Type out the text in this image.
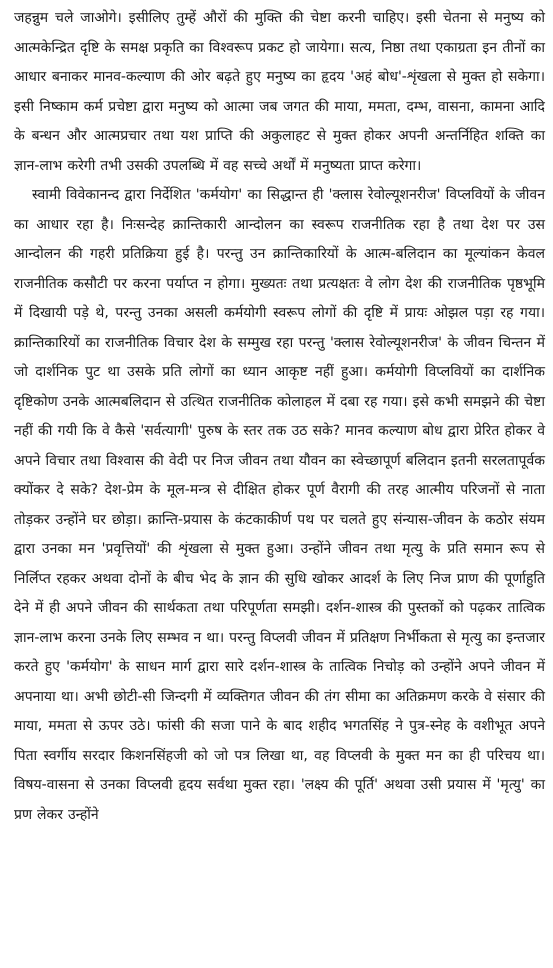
जहन्नुम चले जाओगे। इसीलिए तुम्हें औरों की मुक्ति की चेष्टा करनी चाहिए। इसी चेतना से मनुष्य को आत्मकेन्द्रित दृष्टि के समक्ष प्रकृति का विश्वरूप प्रकट हो जायेगा। सत्य, निष्ठा तथा एकाग्रता इन तीनों का आधार बनाकर मानव-कल्याण की ओर बढ़ते हुए मनुष्य का हृदय 'अहं बोध'-शृंखला से मुक्त हो सकेगा। इसी निष्काम कर्म प्रचेष्टा द्वारा मनुष्य को आत्मा जब जगत की माया, ममता, दम्भ, वासना, कामना आदि के बन्धन और आत्मप्रचार तथा यश प्राप्ति की अकुलाहट से मुक्त होकर अपनी अन्तर्निहित शक्ति का ज्ञान-लाभ करेगी तभी उसकी उपलब्धि में वह सच्चे अर्थों में मनुष्यता प्राप्त करेगा।

स्वामी विवेकानन्द द्वारा निर्देशित 'कर्मयोग' का सिद्धान्त ही 'क्लास रेवोल्यूशनरीज' विप्लवियों के जीवन का आधार रहा है। निःसन्देह क्रान्तिकारी आन्दोलन का स्वरूप राजनीतिक रहा है तथा देश पर उस आन्दोलन की गहरी प्रतिक्रिया हुई है। परन्तु उन क्रान्तिकारियों के आत्म-बलिदान का मूल्यांकन केवल राजनीतिक कसौटी पर करना पर्याप्त न होगा। मुख्यतः तथा प्रत्यक्षतः वे लोग देश की राजनीतिक पृष्ठभूमि में दिखायी पड़े थे, परन्तु उनका असली कर्मयोगी स्वरूप लोगों की दृष्टि में प्रायः ओझल पड़ा रह गया। क्रान्तिकारियों का राजनीतिक विचार देश के सम्मुख रहा परन्तु 'क्लास रेवोल्यूशनरीज' के जीवन चिन्तन में जो दार्शनिक पुट था उसके प्रति लोगों का ध्यान आकृष्ट नहीं हुआ। कर्मयोगी विप्लवियों का दार्शनिक दृष्टिकोण उनके आत्मबलिदान से उत्थित राजनीतिक कोलाहल में दबा रह गया। इसे कभी समझने की चेष्टा नहीं की गयी कि वे कैसे 'सर्वत्यागी' पुरुष के स्तर तक उठ सके? मानव कल्याण बोध द्वारा प्रेरित होकर वे अपने विचार तथा विश्वास की वेदी पर निज जीवन तथा यौवन का स्वेच्छापूर्ण बलिदान इतनी सरलतापूर्वक क्योंकर दे सके? देश-प्रेम के मूल-मन्त्र से दीक्षित होकर पूर्ण वैरागी की तरह आत्मीय परिजनों से नाता तोड़कर उन्होंने घर छोड़ा। क्रान्ति-प्रयास के कंटकाकीर्ण पथ पर चलते हुए संन्यास-जीवन के कठोर संयम द्वारा उनका मन 'प्रवृत्तियों' की शृंखला से मुक्त हुआ। उन्होंने जीवन तथा मृत्यु के प्रति समान रूप से निर्लिप्त रहकर अथवा दोनों के बीच भेद के ज्ञान की सुधि खोकर आदर्श के लिए निज प्राण की पूर्णाहुति देने में ही अपने जीवन की सार्थकता तथा परिपूर्णता समझी। दर्शन-शास्त्र की पुस्तकों को पढ़कर तात्विक ज्ञान-लाभ करना उनके लिए सम्भव न था। परन्तु विप्लवी जीवन में प्रतिक्षण निर्भीकता से मृत्यु का इन्तजार करते हुए 'कर्मयोग' के साधन मार्ग द्वारा सारे दर्शन-शास्त्र के तात्विक निचोड़ को उन्होंने अपने जीवन में अपनाया था। अभी छोटी-सी जिन्दगी में व्यक्तिगत जीवन की तंग सीमा का अतिक्रमण करके वे संसार की माया, ममता से ऊपर उठे। फांसी की सजा पाने के बाद शहीद भगतसिंह ने पुत्र-स्नेह के वशीभूत अपने पिता स्वर्गीय सरदार किशनसिंहजी को जो पत्र लिखा था, वह विप्लवी के मुक्त मन का ही परिचय था। विषय-वासना से उनका विप्लवी हृदय सर्वथा मुक्त रहा। 'लक्ष्य की पूर्ति' अथवा उसी प्रयास में 'मृत्यु' का प्रण लेकर उन्होंने
